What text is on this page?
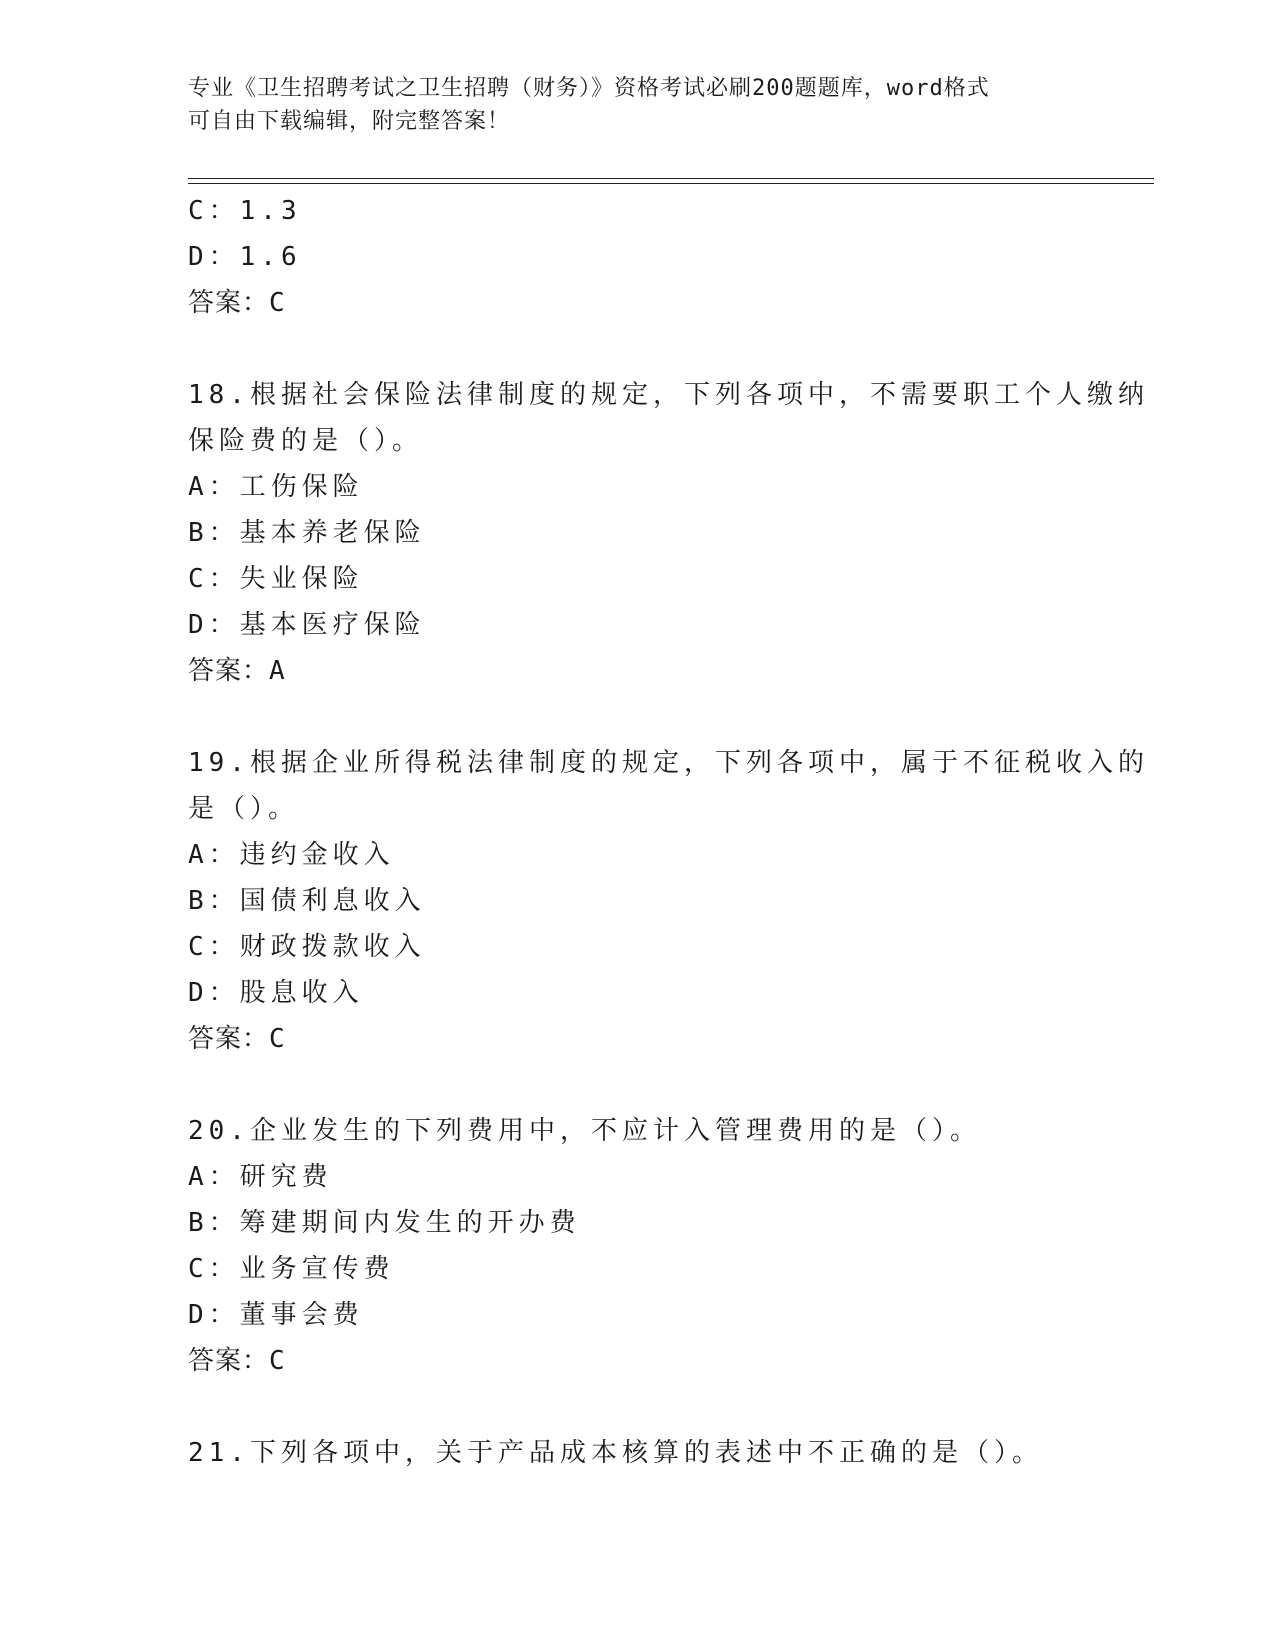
专业《卫生招聘考试之卫生招聘（财务）》资格考试必刷200题题库，word格式
可自由下载编辑，附完整答案！
C：1.3
D：1.6
答案：C
18.根据社会保险法律制度的规定，下列各项中，不需要职工个人缴纳
保险费的是（）。
A：工伤保险
B：基本养老保险
C：失业保险
D：基本医疗保险
答案：A
19.根据企业所得税法律制度的规定，下列各项中，属于不征税收入的
是（）。
A：违约金收入
B：国债利息收入
C：财政拨款收入
D：股息收入
答案：C
20.企业发生的下列费用中，不应计入管理费用的是（）。
A：研究费
B：筹建期间内发生的开办费
C：业务宣传费
D：董事会费
答案：C
21.下列各项中，关于产品成本核算的表述中不正确的是（）。
